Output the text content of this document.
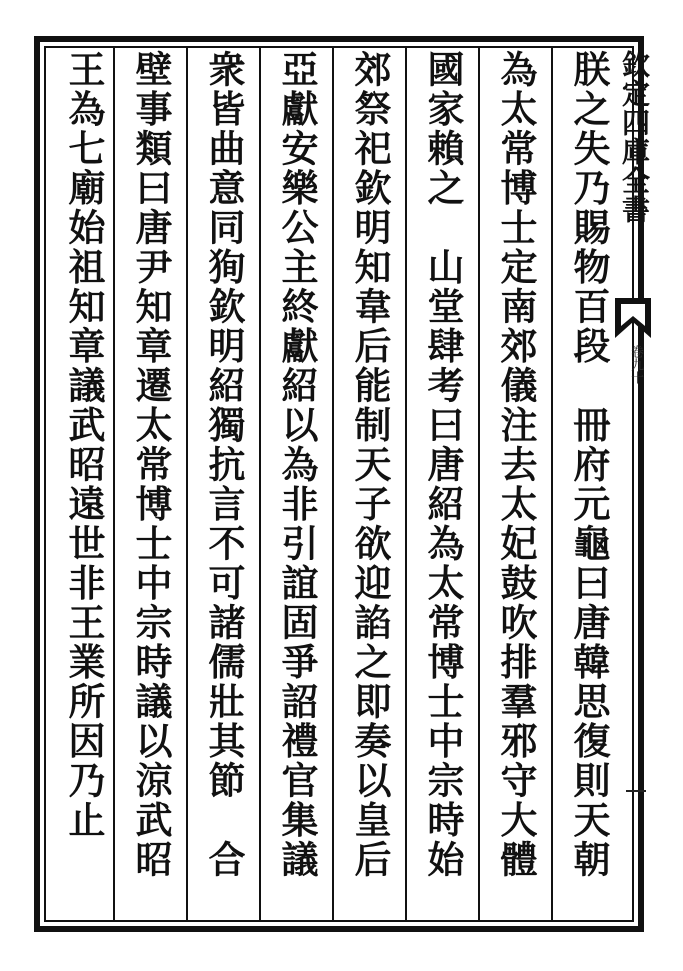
朕之失乃賜物百段　冊府元龜曰唐韓思復則天朝
為太常博士定南郊儀注去太妃鼓吹排羣邪守大體
國家賴之　山堂肆考曰唐紹為太常博士中宗時始
郊祭祀欽明知韋后能制天子欲迎諂之即奏以皇后
亞獻安樂公主終獻紹以為非引誼固爭詔禮官集議
衆皆曲意同狥欽明紹獨抗言不可諸儒壯其節　合
壁事類曰唐尹知章遷太常博士中宗時議以涼武昭
王為七廟始祖知章議武昭遠世非王業所因乃止	欽定四庫全書
卷九十
